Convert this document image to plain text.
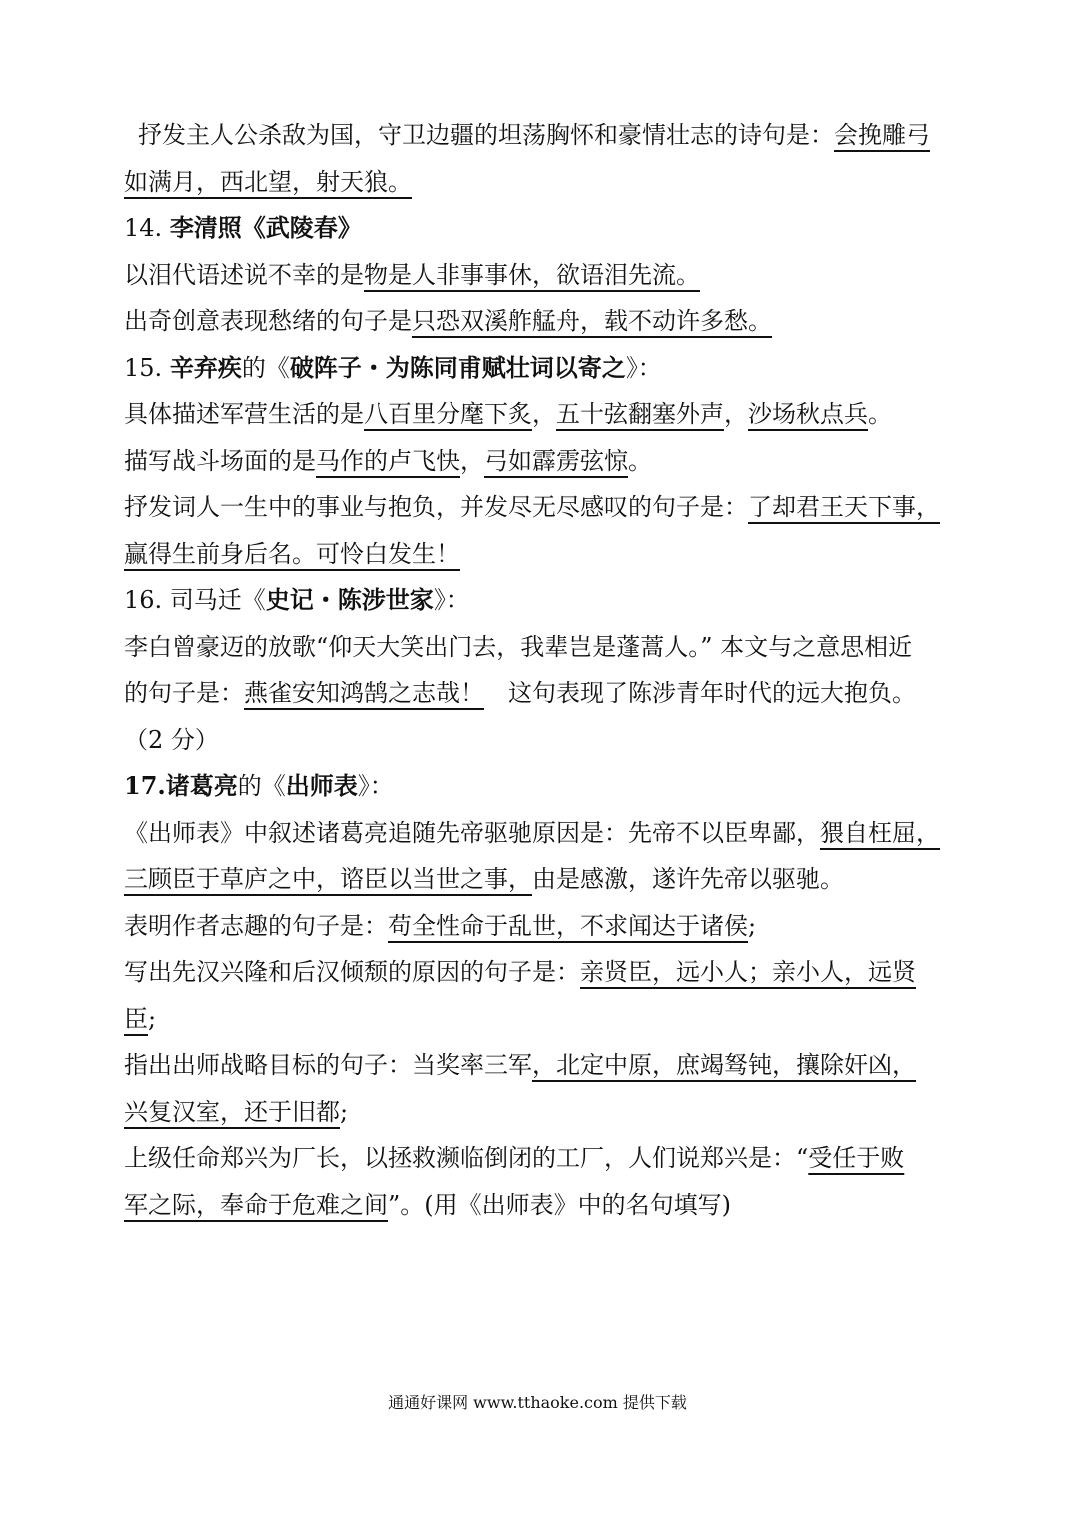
抒发主人公杀敌为国，守卫边疆的坦荡胸怀和豪情壮志的诗句是：会挽雕弓
如满月，西北望，射天狼。
14. 李清照《武陵春》
以泪代语述说不幸的是物是人非事事休，欲语泪先流。
出奇创意表现愁绪的句子是只恐双溪舴艋舟，载不动许多愁。
15. 辛弃疾的《破阵子・为陈同甫赋壮词以寄之》：
具体描述军营生活的是八百里分麾下炙，五十弦翻塞外声，沙场秋点兵。
描写战斗场面的是马作的卢飞快，弓如霹雳弦惊。
抒发词人一生中的事业与抱负，并发尽无尽感叹的句子是：了却君王天下事，
赢得生前身后名。可怜白发生！
16. 司马迁《史记・陈涉世家》：
李白曾豪迈的放歌“仰天大笑出门去，我辈岂是蓬蒿人。” 本文与之意思相近
的句子是：燕雀安知鸿鹄之志哉！　这句表现了陈涉青年时代的远大抱负。
（2 分）
17.诸葛亮的《出师表》：
《出师表》中叙述诸葛亮追随先帝驱驰原因是：先帝不以臣卑鄙，猥自枉屈，
三顾臣于草庐之中，谘臣以当世之事，由是感激，遂许先帝以驱驰。
表明作者志趣的句子是：苟全性命于乱世，不求闻达于诸侯;
写出先汉兴隆和后汉倾颓的原因的句子是：亲贤臣，远小人；亲小人，远贤
臣;
指出出师战略目标的句子：当奖率三军，北定中原，庶竭驽钝，攘除奸凶，
兴复汉室，还于旧都;
上级任命郑兴为厂长，以拯救濒临倒闭的工厂，人们说郑兴是：“受任于败
军之际，奉命于危难之间”。(用《出师表》中的名句填写)
通通好课网 www.tthaoke.com 提供下载
